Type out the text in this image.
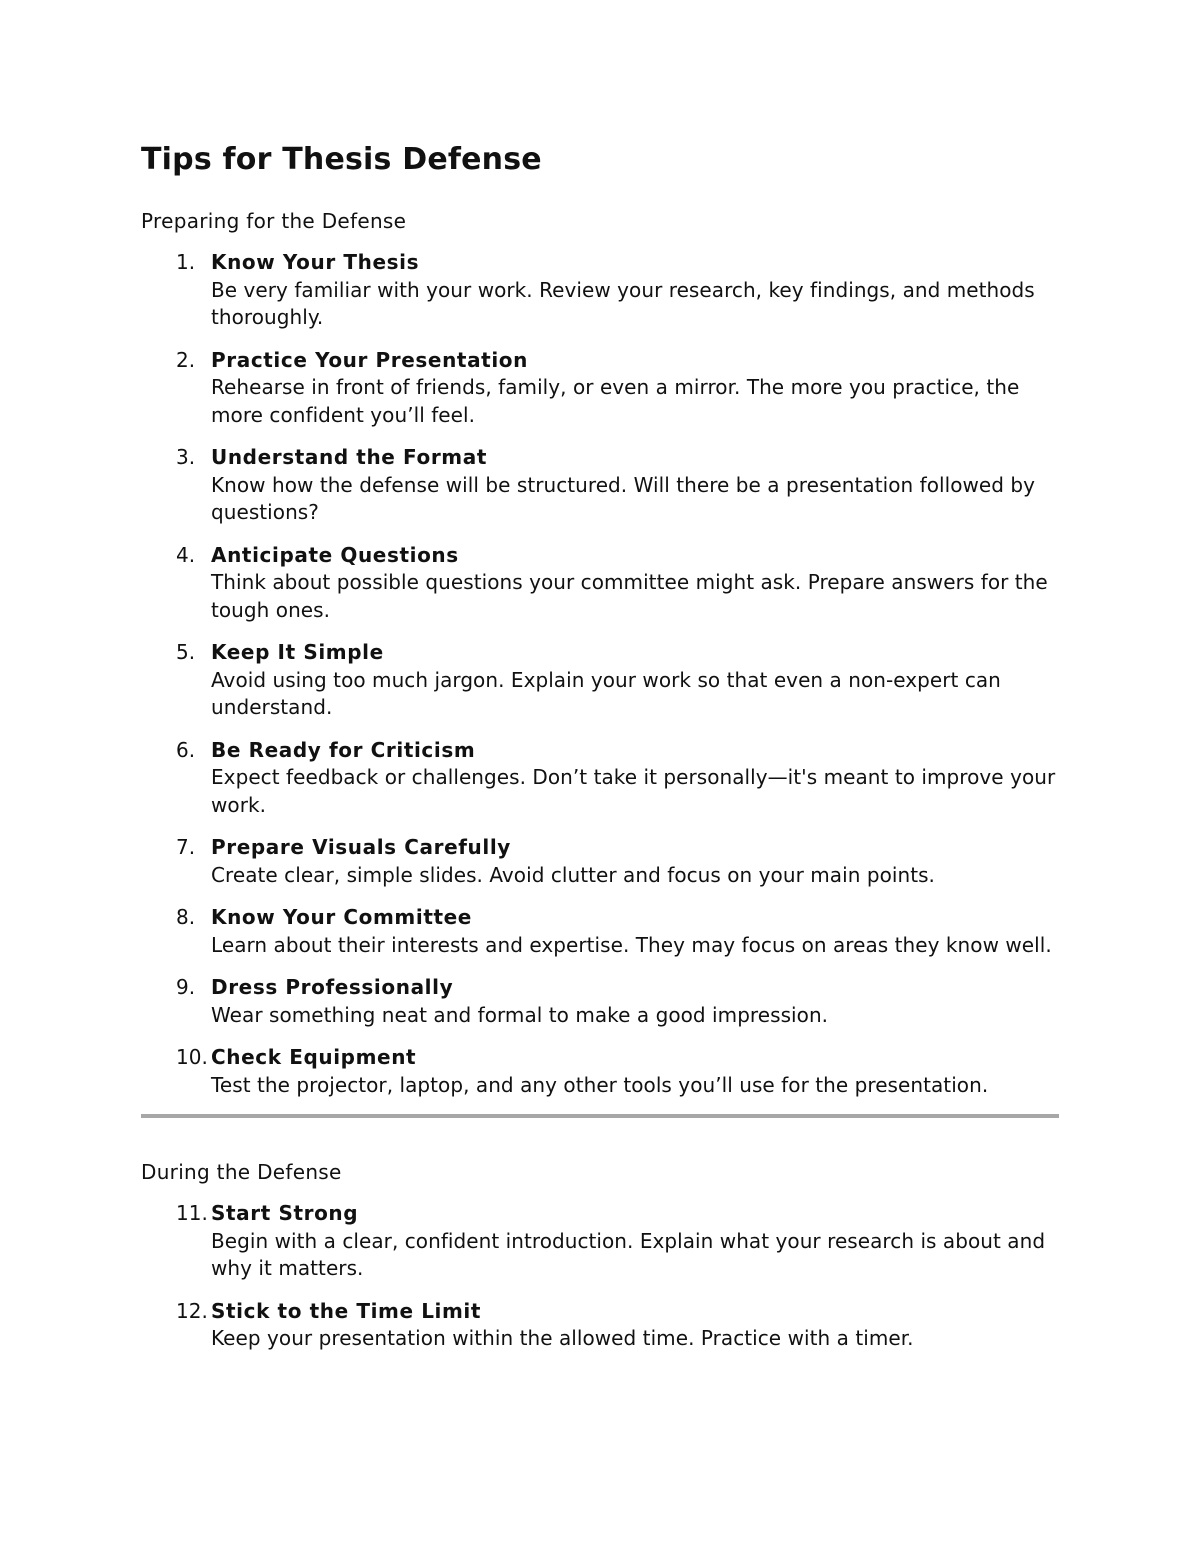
Tips for Thesis Defense
Preparing for the Defense
1. Know Your Thesis
Be very familiar with your work. Review your research, key findings, and methods thoroughly.
2. Practice Your Presentation
Rehearse in front of friends, family, or even a mirror. The more you practice, the more confident you’ll feel.
3. Understand the Format
Know how the defense will be structured. Will there be a presentation followed by questions?
4. Anticipate Questions
Think about possible questions your committee might ask. Prepare answers for the tough ones.
5. Keep It Simple
Avoid using too much jargon. Explain your work so that even a non-expert can understand.
6. Be Ready for Criticism
Expect feedback or challenges. Don’t take it personally—it's meant to improve your work.
7. Prepare Visuals Carefully
Create clear, simple slides. Avoid clutter and focus on your main points.
8. Know Your Committee
Learn about their interests and expertise. They may focus on areas they know well.
9. Dress Professionally
Wear something neat and formal to make a good impression.
10. Check Equipment
Test the projector, laptop, and any other tools you’ll use for the presentation.
During the Defense
11. Start Strong
Begin with a clear, confident introduction. Explain what your research is about and why it matters.
12. Stick to the Time Limit
Keep your presentation within the allowed time. Practice with a timer.
